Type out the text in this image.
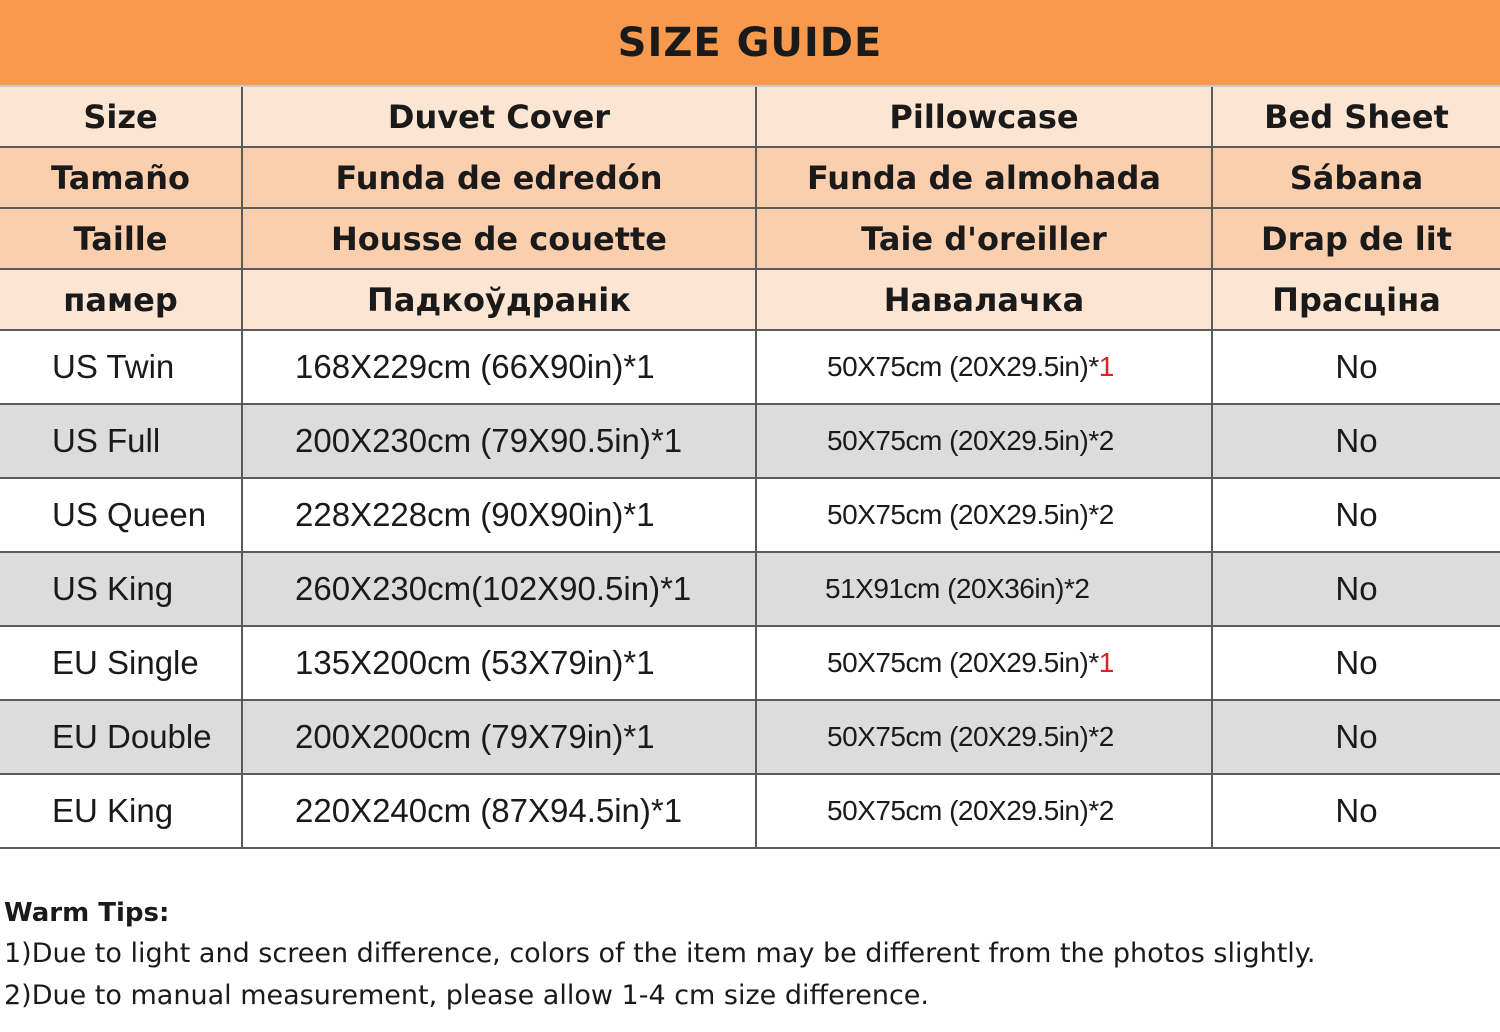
SIZE GUIDE
Size	Duvet Cover	Pillowcase	Bed Sheet
Tamaño	Funda de edredón	Funda de almohada	Sábana
Taille	Housse de couette	Taie d'oreiller	Drap de lit
памер	Падкоўдранік	Навалачка	Прасціна
US Twin	168X229cm (66X90in)*1	50X75cm (20X29.5in)*1	No
US Full	200X230cm (79X90.5in)*1	50X75cm (20X29.5in)*2	No
US Queen	228X228cm (90X90in)*1	50X75cm (20X29.5in)*2	No
US King	260X230cm(102X90.5in)*1	51X91cm (20X36in)*2	No
EU Single	135X200cm (53X79in)*1	50X75cm (20X29.5in)*1	No
EU Double	200X200cm (79X79in)*1	50X75cm (20X29.5in)*2	No
EU King	220X240cm (87X94.5in)*1	50X75cm (20X29.5in)*2	No
Warm Tips:
1)Due to light and screen difference, colors of the item may be different from the photos slightly.
2)Due to manual measurement, please allow 1-4 cm size difference.
